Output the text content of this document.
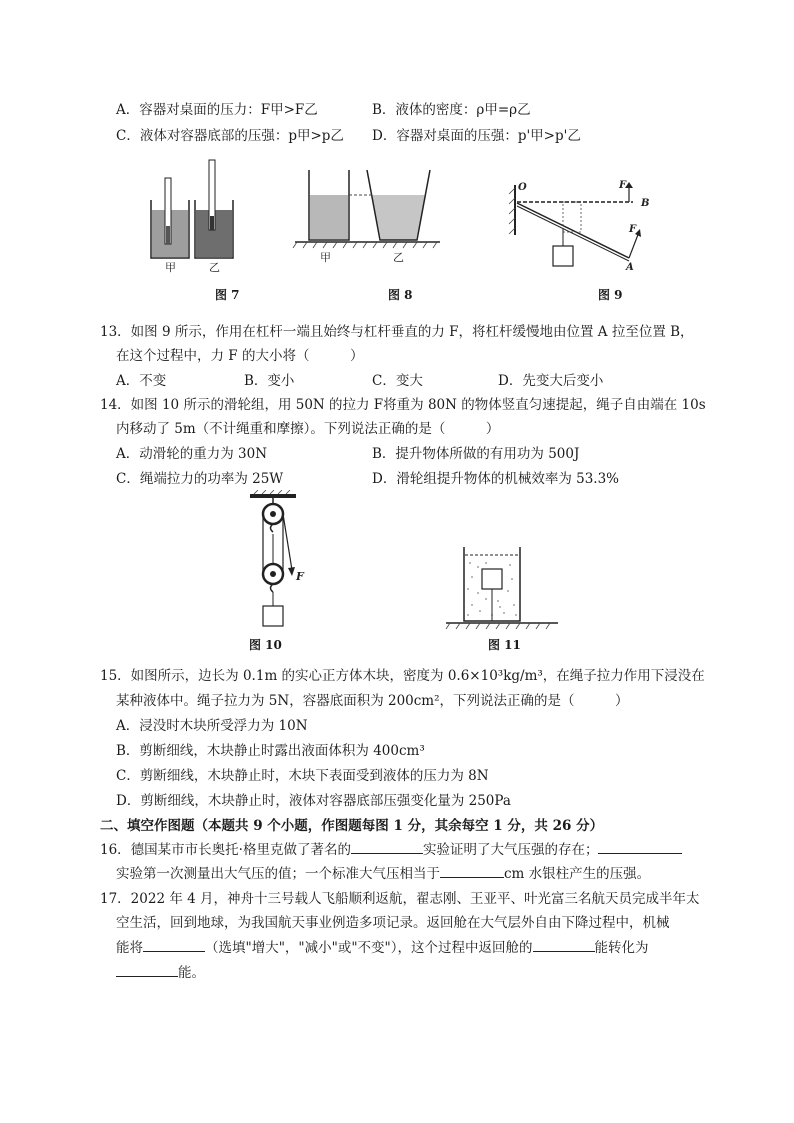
A．容器对桌面的压力：F甲>F乙	B．液体的密度：ρ甲=ρ乙
C．液体对容器底部的压强：p甲>p乙 D．容器对桌面的压强：p'甲>p'乙
甲	乙
图 7
甲	乙
图 8
O
B
A
F
F
图 9
13．如图 9 所示，作用在杠杆一端且始终与杠杆垂直的力 F，将杠杆缓慢地由位置 A 拉至位置 B，
在这个过程中，力 F 的大小将（　　　）
A．不变	B．变小	C．变大	D．先变大后变小
14．如图 10 所示的滑轮组，用 50N 的拉力 F将重为 80N 的物体竖直匀速提起，绳子自由端在 10s
内移动了 5m（不计绳重和摩擦）。下列说法正确的是（　　　）
A．动滑轮的重力为 30N	B．提升物体所做的有用功为 500J
C．绳端拉力的功率为 25W	D．滑轮组提升物体的机械效率为 53.3%
F
图 10	图 11
15．如图所示，边长为 0.1m 的实心正方体木块，密度为 0.6×10³kg/m³，在绳子拉力作用下浸没在
某种液体中。绳子拉力为 5N，容器底面积为 200cm²，下列说法正确的是（　　　）
A．浸没时木块所受浮力为 10N
B．剪断细线，木块静止时露出液面体积为 400cm³
C．剪断细线，木块静止时，木块下表面受到液体的压力为 8N
D．剪断细线，木块静止时，液体对容器底部压强变化量为 250Pa
二、填空作图题（本题共 9 个小题，作图题每图 1 分，其余每空 1 分，共 26 分）
16．德国某市市长奥托·格里克做了著名的	实验证明了大气压强的存在；
实验第一次测量出大气压的值；一个标准大气压相当于	cm 水银柱产生的压强。
17．2022 年 4 月，神舟十三号载人飞船顺利返航，翟志刚、王亚平、叶光富三名航天员完成半年太
空生活，回到地球，为我国航天事业例造多项记录。返回舱在大气层外自由下降过程中，机械
能将	（选填"增大"，"减小"或"不变"），这个过程中返回舱的	能转化为
能。
